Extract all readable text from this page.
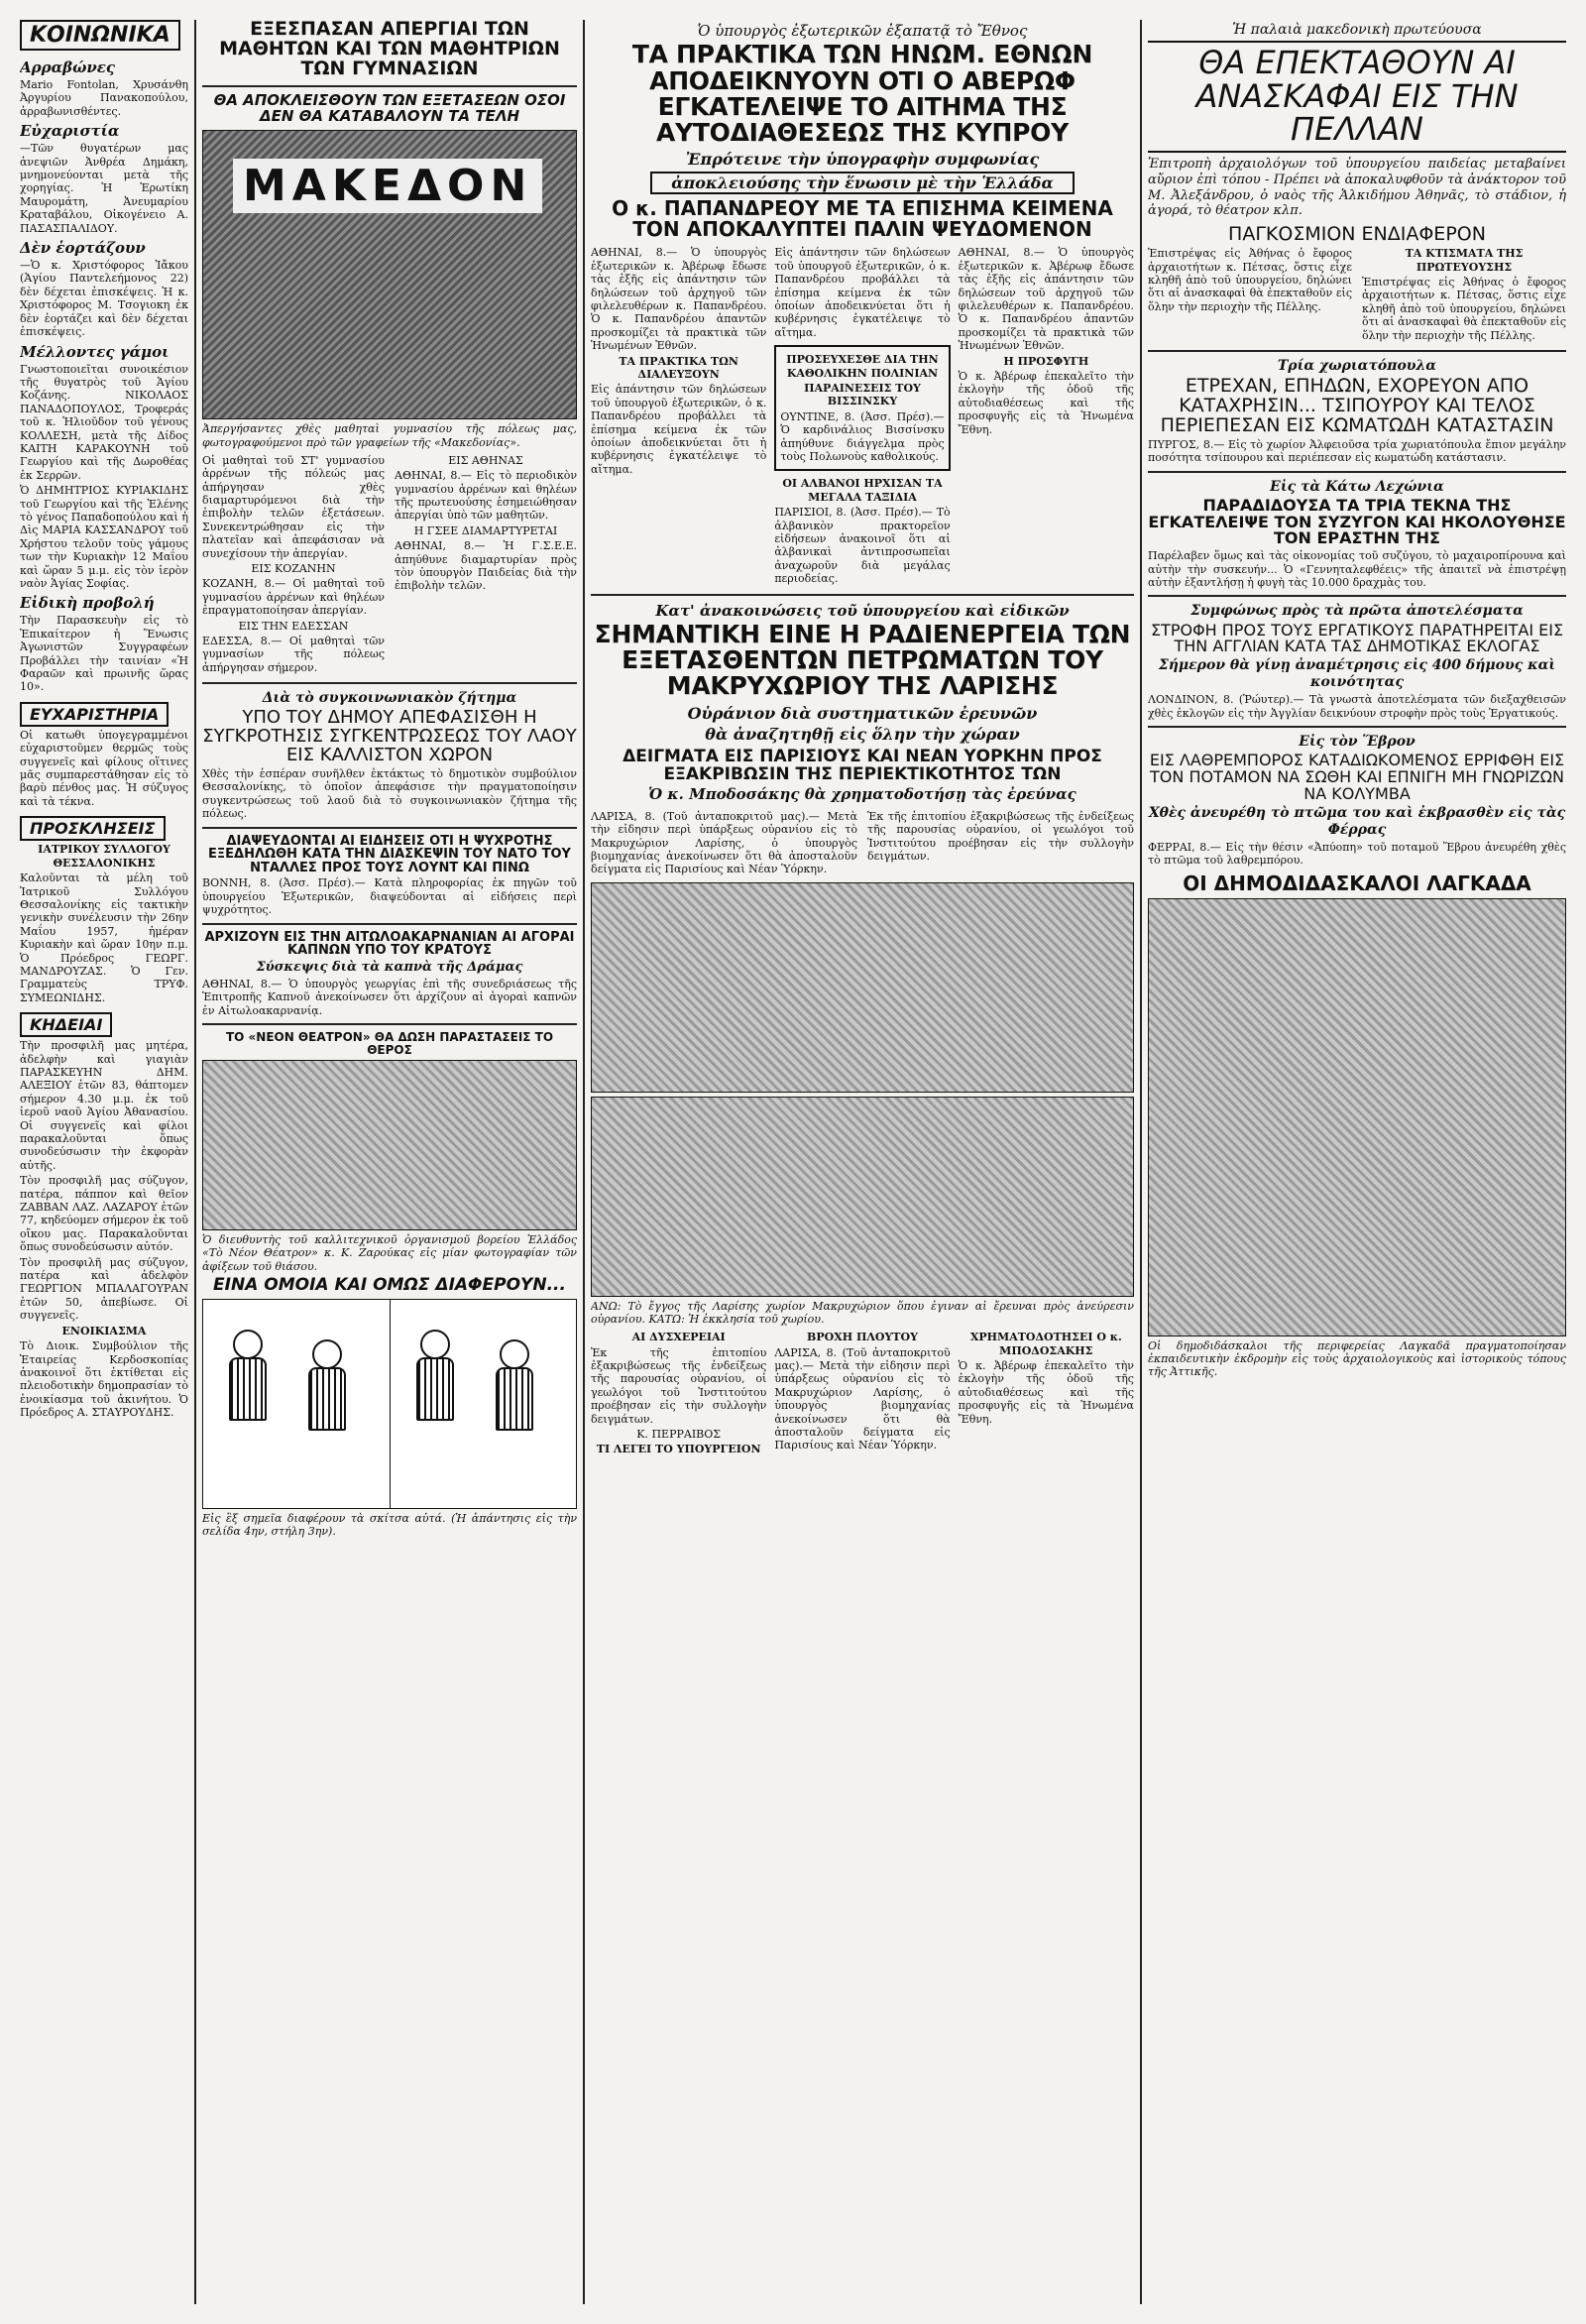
ΚΟΙΝΩΝΙΚΑ
Αρραβώνες
Mario Fontolan, Χρυσάνθη Ἀργυρίου Πανακοπούλου, ἀρραβωνισθέντες.
Εὐχαριστία
—Τῶν θυγατέρων μας ἀνεψιῶν Ἀνθρέα Δημάκη, μνημονεύονται μετὰ τῆς χορηγίας. Ἡ Ἐρωτίκη Μαυρομάτη, Ἀνευμαρίου Κραταβάλου, Οἰκογένειο Α. ΠΑΣΑΣΠΑΛΙΔΟΥ.
Δὲν ἑορτάζουν
—Ὁ κ. Χριστόφορος Ἰἄκου (Ἁγίου Παντελεήμονος 22) δὲν δέχεται ἐπισκέψεις. Ἡ κ. Χριστόφορος Μ. Τσογιοκη ἐκ δὲν ἑορτάζει καὶ δὲν δέχεται ἐπισκέψεις.
Μέλλοντες γάμοι
Γνωστοποιεῖται συνοικέσιον τῆς θυγατρὸς τοῦ Ἁγίου Κοζάνης. ΝΙΚΟΛΑΟΣ ΠΑΝΑΔΟΠΟΥΛΟΣ, Τροφεράς τοῦ κ. Ἡλιοῦδον τοῦ γένους ΚΟΛΛΕΣΗ, μετὰ τῆς Δίδος ΚΑΙΤΗ ΚΑΡΑΚΟΥΝΗ τοῦ Γεωργίου καὶ τῆς Δωροθέας ἐκ Σερρῶν.
Ὁ ΔΗΜΗΤΡΙΟΣ ΚΥΡΙΑΚΙΔΗΣ τοῦ Γεωργίου καὶ τῆς Ἑλένης τὸ γένος Παπαδοπούλου καὶ ἡ Δὶς ΜΑΡΙΑ ΚΑΣΣΑΝΔΡΟΥ τοῦ Χρήστου τελοῦν τοὺς γάμους των τὴν Κυριακὴν 12 Μαΐου καὶ ὥραν 5 μ.μ. εἰς τὸν ἱερὸν ναὸν Ἁγίας Σοφίας.
Εἰδικὴ προβολή
Τὴν Παρασκευὴν εἰς τὸ Ἐπικαίτερον ἡ Ἕνωσις Ἀγωνιστῶν Συγγραφέων Προβάλλει τὴν ταινίαν «Ἡ Φαραῶν καὶ πρωινῆς ὥρας 10».
ΕΥΧΑΡΙΣΤΗΡΙΑ
Οἱ κατωθι ὑπογεγραμμένοι εὐχαριστοῦμεν θερμῶς τοὺς συγγενεῖς καὶ φίλους οἵτινες μᾶς συμπαρεστάθησαν εἰς τὸ βαρὺ πένθος μας. Ἡ σύζυγος καὶ τὰ τέκνα.
ΠΡΟΣΚΛΗΣΕΙΣ
ΙΑΤΡΙΚΟΥ ΣΥΛΛΟΓΟΥ ΘΕΣΣΑΛΟΝΙΚΗΣ
Καλοῦνται τὰ μέλη τοῦ Ἰατρικοῦ Συλλόγου Θεσσαλονίκης εἰς τακτικὴν γενικὴν συνέλευσιν τὴν 26ην Μαΐου 1957, ἡμέραν Κυριακὴν καὶ ὥραν 10ην π.μ. Ὁ Πρόεδρος ΓΕΩΡΓ. ΜΑΝΔΡΟΥΖΑΣ. Ὁ Γεν. Γραμματεὺς ΤΡΥΦ. ΣΥΜΕΩΝΙΔΗΣ.
ΚΗΔΕΙΑΙ
Τὴν προσφιλῆ μας μητέρα, ἀδελφὴν καὶ γιαγιὰν ΠΑΡΑΣΚΕΥΗΝ ΔΗΜ. ΑΛΕΞΙΟΥ ἐτῶν 83, θάπτομεν σήμερον 4.30 μ.μ. ἐκ τοῦ ἱεροῦ ναοῦ Ἁγίου Ἀθανασίου. Οἱ συγγενεῖς καὶ φίλοι παρακαλοῦνται ὅπως συνοδεύσωσιν τὴν ἐκφορὰν αὐτῆς.
Τὸν προσφιλῆ μας σύζυγον, πατέρα, πάππον καὶ θεῖον ΖΑΒΒΑΝ ΛΑΖ. ΛΑΖΑΡΟΥ ἐτῶν 77, κηδεύομεν σήμερον ἐκ τοῦ οἴκου μας. Παρακαλοῦνται ὅπως συνοδεύσωσιν αὐτόν.
Τὸν προσφιλῆ μας σύζυγον, πατέρα καὶ ἀδελφὸν ΓΕΩΡΓΙΟΝ ΜΠΑΛΑΓΟΥΡΑΝ ἐτῶν 50, ἀπεβίωσε. Οἱ συγγενεῖς.
ΕΝΟΙΚΙΑΣΜΑ
Τὸ Διοικ. Συμβούλιον τῆς Ἑταιρείας Κερδοσκοπίας ἀνακοινοῖ ὅτι ἐκτίθεται εἰς πλειοδοτικὴν δημοπρασίαν τὸ ἐνοικίασμα τοῦ ἀκινήτου. Ὁ Πρόεδρος Α. ΣΤΑΥΡΟΥΔΗΣ.
ΕΞΕΣΠΑΣΑΝ ΑΠΕΡΓΙΑΙ ΤΩΝ ΜΑΘΗΤΩΝ ΚΑΙ ΤΩΝ ΜΑΘΗΤΡΙΩΝ ΤΩΝ ΓΥΜΝΑΣΙΩΝ
ΘΑ ΑΠΟΚΛΕΙΣΘΟΥΝ ΤΩΝ ΕΞΕΤΑΣΕΩΝ ΟΣΟΙ ΔΕΝ ΘΑ ΚΑΤΑΒΑΛΟΥΝ ΤΑ ΤΕΛΗ
ΜΑΚΕΔΟΝ
Ἀπεργήσαντες χθὲς μαθηταὶ γυμνασίου τῆς πόλεως μας, φωτογραφούμενοι πρὸ τῶν γραφείων τῆς «Μακεδονίας».
Οἱ μαθηταὶ τοῦ ΣΤ' γυμνασίου ἀρρένων τῆς πόλεώς μας ἀπήργησαν χθὲς διαμαρτυρόμενοι διὰ τὴν ἐπιβολὴν τελῶν ἐξετάσεων. Συνεκεντρώθησαν εἰς τὴν πλατεῖαν καὶ ἀπεφάσισαν νὰ συνεχίσουν τὴν ἀπεργίαν.
ΕΙΣ ΚΟΖΑΝΗΝ
ΚΟΖΑΝΗ, 8.— Οἱ μαθηταὶ τοῦ γυμνασίου ἀρρένων καὶ θηλέων ἐπραγματοποίησαν ἀπεργίαν.
ΕΙΣ ΤΗΝ ΕΔΕΣΣΑΝ
ΕΔΕΣΣΑ, 8.— Οἱ μαθηταὶ τῶν γυμνασίων τῆς πόλεως ἀπήργησαν σήμερον.
ΕΙΣ ΑΘΗΝΑΣ
ΑΘΗΝΑΙ, 8.— Εἰς τὸ περιοδικὸν γυμνασίου ἀρρένων καὶ θηλέων τῆς πρωτευούσης ἐσημειώθησαν ἀπεργίαι ὑπὸ τῶν μαθητῶν.
Η ΓΣΕΕ ΔΙΑΜΑΡΤΥΡΕΤΑΙ
ΑΘΗΝΑΙ, 8.— Ἡ Γ.Σ.Ε.Ε. ἀπηύθυνε διαμαρτυρίαν πρὸς τὸν ὑπουργὸν Παιδείας διὰ τὴν ἐπιβολὴν τελῶν.
Διὰ τὸ συγκοινωνιακὸν ζήτημα
ΥΠΟ ΤΟΥ ΔΗΜΟΥ ΑΠΕΦΑΣΙΣΘΗ Η ΣΥΓΚΡΟΤΗΣΙΣ ΣΥΓΚΕΝΤΡΩΣΕΩΣ ΤΟΥ ΛΑΟΥ ΕΙΣ ΚΑΛΛΙΣΤΟΝ ΧΩΡΟΝ
Χθὲς τὴν ἑσπέραν συνῆλθεν ἐκτάκτως τὸ δημοτικὸν συμβούλιον Θεσσαλονίκης, τὸ ὁποῖον ἀπεφάσισε τὴν πραγματοποίησιν συγκεντρώσεως τοῦ λαοῦ διὰ τὸ συγκοινωνιακὸν ζήτημα τῆς πόλεως.
ΔΙΑΨΕΥΔΟΝΤΑΙ ΑΙ ΕΙΔΗΣΕΙΣ ΟΤΙ Η ΨΥΧΡΟΤΗΣ ΕΞΕΔΗΛΩΘΗ ΚΑΤΑ ΤΗΝ ΔΙΑΣΚΕΨΙΝ ΤΟΥ ΝΑΤΟ ΤΟΥ ΝΤΑΛΛΕΣ ΠΡΟΣ ΤΟΥΣ ΛΟΥΝΤ ΚΑΙ ΠΙΝΩ
ΒΟΝΝΗ, 8. (Ἀσσ. Πρέσ).— Κατὰ πληροφορίας ἐκ πηγῶν τοῦ ὑπουργείου Ἐξωτερικῶν, διαψεύδονται αἱ εἰδήσεις περὶ ψυχρότητος.
ΑΡΧΙΖΟΥΝ ΕΙΣ ΤΗΝ ΑΙΤΩΛΟΑΚΑΡΝΑΝΙΑΝ ΑΙ ΑΓΟΡΑΙ ΚΑΠΝΩΝ ΥΠΟ ΤΟΥ ΚΡΑΤΟΥΣ
Σύσκεψις διὰ τὰ καπνὰ τῆς Δράμας
ΑΘΗΝΑΙ, 8.— Ὁ ὑπουργὸς γεωργίας ἐπὶ τῆς συνεδριάσεως τῆς Ἐπιτροπῆς Καπνοῦ ἀνεκοίνωσεν ὅτι ἀρχίζουν αἱ ἀγοραὶ καπνῶν ἐν Αἰτωλοακαρνανίᾳ.
ΤΟ «ΝΕΟΝ ΘΕΑΤΡΟΝ» ΘΑ ΔΩΣΗ ΠΑΡΑΣΤΑΣΕΙΣ ΤΟ ΘΕΡΟΣ
Ὁ διευθυντὴς τοῦ καλλιτεχνικοῦ ὀργανισμοῦ βορείου Ἑλλάδος «Τὸ Νέον Θέατρον» κ. Κ. Ζαρούκας εἰς μίαν φωτογραφίαν τῶν ἀφίξεων τοῦ θιάσου.
ΕΙΝΑ ΟΜΟΙΑ ΚΑΙ ΟΜΩΣ ΔΙΑΦΕΡΟΥΝ...
Εἰς ἓξ σημεῖα διαφέρουν τὰ σκίτσα αὐτά. (Ἡ ἀπάντησις εἰς τὴν σελίδα 4ην, στήλη 3ην).
Ὁ ὑπουργὸς ἐξωτερικῶν ἐξαπατᾷ τὸ Ἔθνος
ΤΑ ΠΡΑΚΤΙΚΑ ΤΩΝ ΗΝΩΜ. ΕΘΝΩΝ ΑΠΟΔΕΙΚΝΥΟΥΝ ΟΤΙ Ο ΑΒΕΡΩΦ ΕΓΚΑΤΕΛΕΙΨΕ ΤΟ ΑΙΤΗΜΑ ΤΗΣ ΑΥΤΟΔΙΑΘΕΣΕΩΣ ΤΗΣ ΚΥΠΡΟΥ
Ἐπρότεινε τὴν ὑπογραφὴν συμφωνίας
ἀποκλειούσης τὴν ἕνωσιν μὲ τὴν Ἑλλάδα
Ο κ. ΠΑΠΑΝΔΡΕΟΥ ΜΕ ΤΑ ΕΠΙΣΗΜΑ ΚΕΙΜΕΝΑ ΤΟΝ ΑΠΟΚΑΛΥΠΤΕΙ ΠΑΛΙΝ ΨΕΥΔΟΜΕΝΟΝ
ΑΘΗΝΑΙ, 8.— Ὁ ὑπουργὸς ἐξωτερικῶν κ. Ἀβέρωφ ἔδωσε τὰς ἑξῆς εἰς ἀπάντησιν τῶν δηλώσεων τοῦ ἀρχηγοῦ τῶν φιλελευθέρων κ. Παπανδρέου. Ὁ κ. Παπανδρέου ἀπαντῶν προσκομίζει τὰ πρακτικὰ τῶν Ἡνωμένων Ἐθνῶν.
ΤΑ ΠΡΑΚΤΙΚΑ ΤΩΝ ΔΙΑΛΕΥΞΟΥΝ
Εἰς ἀπάντησιν τῶν δηλώσεων τοῦ ὑπουργοῦ ἐξωτερικῶν, ὁ κ. Παπανδρέου προβάλλει τὰ ἐπίσημα κείμενα ἐκ τῶν ὁποίων ἀποδεικνύεται ὅτι ἡ κυβέρνησις ἐγκατέλειψε τὸ αἴτημα.
Εἰς ἀπάντησιν τῶν δηλώσεων τοῦ ὑπουργοῦ ἐξωτερικῶν, ὁ κ. Παπανδρέου προβάλλει τὰ ἐπίσημα κείμενα ἐκ τῶν ὁποίων ἀποδεικνύεται ὅτι ἡ κυβέρνησις ἐγκατέλειψε τὸ αἴτημα.
ΠΡΟΣΕΥΧΕΣΘΕ ΔΙΑ ΤΗΝ ΚΑΘΟΛΙΚΗΝ ΠΟΛΙΝΙΑΝ
ΠΑΡΑΙΝΕΣΕΙΣ ΤΟΥ ΒΙΣΣΙΝΣΚΥ
ΟΥΝΤΙΝΕ, 8. (Ἀσσ. Πρέσ).— Ὁ καρδινάλιος Βισσίνσκυ ἀπηύθυνε διάγγελμα πρὸς τοὺς Πολωνοὺς καθολικούς.
ΟΙ ΑΛΒΑΝΟΙ ΗΡΧΙΣΑΝ ΤΑ ΜΕΓΑΛΑ ΤΑΞΙΔΙΑ
ΠΑΡΙΣΙΟΙ, 8. (Ἀσσ. Πρέσ).— Τὸ ἀλβανικὸν πρακτορεῖον εἰδήσεων ἀνακοινοῖ ὅτι αἱ ἀλβανικαὶ ἀντιπροσωπεῖαι ἀναχωροῦν διὰ μεγάλας περιοδείας.
ΑΘΗΝΑΙ, 8.— Ὁ ὑπουργὸς ἐξωτερικῶν κ. Ἀβέρωφ ἔδωσε τὰς ἑξῆς εἰς ἀπάντησιν τῶν δηλώσεων τοῦ ἀρχηγοῦ τῶν φιλελευθέρων κ. Παπανδρέου. Ὁ κ. Παπανδρέου ἀπαντῶν προσκομίζει τὰ πρακτικὰ τῶν Ἡνωμένων Ἐθνῶν.
Η ΠΡΟΣΦΥΓΗ
Ὁ κ. Ἀβέρωφ ἐπεκαλεῖτο τὴν ἐκλογὴν τῆς ὁδοῦ τῆς αὐτοδιαθέσεως καὶ τῆς προσφυγῆς εἰς τὰ Ἡνωμένα Ἔθνη.
Κατ' ἀνακοινώσεις τοῦ ὑπουργείου καὶ εἰδικῶν
ΣΗΜΑΝΤΙΚΗ ΕΙΝΕ Η ΡΑΔΙΕΝΕΡΓΕΙΑ ΤΩΝ ΕΞΕΤΑΣΘΕΝΤΩΝ ΠΕΤΡΩΜΑΤΩΝ ΤΟΥ ΜΑΚΡΥΧΩΡΙΟΥ ΤΗΣ ΛΑΡΙΣΗΣ
Οὐράνιον διὰ συστηματικῶν ἐρευνῶν
θὰ ἀναζητηθῇ εἰς ὅλην τὴν χώραν
ΔΕΙΓΜΑΤΑ ΕΙΣ ΠΑΡΙΣΙΟΥΣ ΚΑΙ ΝΕΑΝ ΥΟΡΚΗΝ ΠΡΟΣ ΕΞΑΚΡΙΒΩΣΙΝ ΤΗΣ ΠΕΡΙΕΚΤΙΚΟΤΗΤΟΣ ΤΩΝ
Ὁ κ. Μποδοσάκης θὰ χρηματοδοτήσῃ τὰς ἐρεύνας
ΛΑΡΙΣΑ, 8. (Τοῦ ἀνταποκριτοῦ μας).— Μετὰ τὴν εἰδησιν περὶ ὑπάρξεως οὐρανίου εἰς τὸ Μακρυχώριον Λαρίσης, ὁ ὑπουργὸς βιομηχανίας ἀνεκοίνωσεν ὅτι θὰ ἀποσταλοῦν δείγματα εἰς Παρισίους καὶ Νέαν Ὑόρκην.
Ἐκ τῆς ἐπιτοπίου ἐξακριβώσεως τῆς ἐνδείξεως τῆς παρουσίας οὐρανίου, οἱ γεωλόγοι τοῦ Ἰνστιτούτου προέβησαν εἰς τὴν συλλογὴν δειγμάτων.
ΑΝΩ: Τὸ ἔγγος τῆς Λαρίσης χωρίον Μακρυχώριον ὅπου ἐγιναν αἱ ἔρευναι πρὸς ἀνεύρεσιν οὐρανίου. ΚΑΤΩ: Ἡ ἐκκλησία τοῦ χωρίου.
ΑΙ ΔΥΣΧΕΡΕΙΑΙ
Ἐκ τῆς ἐπιτοπίου ἐξακριβώσεως τῆς ἐνδείξεως τῆς παρουσίας οὐρανίου, οἱ γεωλόγοι τοῦ Ἰνστιτούτου προέβησαν εἰς τὴν συλλογὴν δειγμάτων.
Κ. ΠΕΡΡΑΙΒΟΣ
ΤΙ ΛΕΓΕΙ ΤΟ ΥΠΟΥΡΓΕΙΟΝ
ΒΡΟΧΗ ΠΛΟΥΤΟΥ
ΛΑΡΙΣΑ, 8. (Τοῦ ἀνταποκριτοῦ μας).— Μετὰ τὴν εἰδησιν περὶ ὑπάρξεως οὐρανίου εἰς τὸ Μακρυχώριον Λαρίσης, ὁ ὑπουργὸς βιομηχανίας ἀνεκοίνωσεν ὅτι θὰ ἀποσταλοῦν δείγματα εἰς Παρισίους καὶ Νέαν Ὑόρκην.
ΧΡΗΜΑΤΟΔΟΤΗΣΕΙ Ο κ. ΜΠΟΔΟΣΑΚΗΣ
Ὁ κ. Ἀβέρωφ ἐπεκαλεῖτο τὴν ἐκλογὴν τῆς ὁδοῦ τῆς αὐτοδιαθέσεως καὶ τῆς προσφυγῆς εἰς τὰ Ἡνωμένα Ἔθνη.
Ἡ παλαιὰ μακεδονικὴ πρωτεύουσα
ΘΑ ΕΠΕΚΤΑΘΟΥΝ ΑΙ ΑΝΑΣΚΑΦΑΙ ΕΙΣ ΤΗΝ ΠΕΛΛΑΝ
Ἐπιτροπὴ ἀρχαιολόγων τοῦ ὑπουργείου παιδείας μεταβαίνει αὔριον ἐπὶ τόπου - Πρέπει νὰ ἀποκαλυφθοῦν τὰ ἀνάκτορον τοῦ Μ. Ἀλεξάνδρου, ὁ ναὸς τῆς Ἀλκιδήμου Ἀθηνᾶς, τὸ στάδιον, ἡ ἀγορά, τὸ θέατρον κλπ.
ΠΑΓΚΟΣΜΙΟΝ ΕΝΔΙΑΦΕΡΟΝ
Ἐπιστρέψας εἰς Ἀθήνας ὁ ἔφορος ἀρχαιοτήτων κ. Πέτσας, ὅστις εἶχε κληθῆ ἀπὸ τοῦ ὑπουργείου, δηλώνει ὅτι αἱ ἀνασκαφαὶ θὰ ἐπεκταθοῦν εἰς ὅλην τὴν περιοχὴν τῆς Πέλλης.
ΤΑ ΚΤΙΣΜΑΤΑ ΤΗΣ ΠΡΩΤΕΥΟΥΣΗΣ
Ἐπιστρέψας εἰς Ἀθήνας ὁ ἔφορος ἀρχαιοτήτων κ. Πέτσας, ὅστις εἶχε κληθῆ ἀπὸ τοῦ ὑπουργείου, δηλώνει ὅτι αἱ ἀνασκαφαὶ θὰ ἐπεκταθοῦν εἰς ὅλην τὴν περιοχὴν τῆς Πέλλης.
Τρία χωριατόπουλα
ΕΤΡΕΧΑΝ, ΕΠΗΔΩΝ, ΕΧΟΡΕΥΟΝ ΑΠΟ ΚΑΤΑΧΡΗΣΙΝ... ΤΣΙΠΟΥΡΟΥ ΚΑΙ ΤΕΛΟΣ ΠΕΡΙΕΠΕΣΑΝ ΕΙΣ ΚΩΜΑΤΩΔΗ ΚΑΤΑΣΤΑΣΙΝ
ΠΥΡΓΟΣ, 8.— Εἰς τὸ χωρίον Ἀλφειοῦσα τρία χωριατόπουλα ἔπιον μεγάλην ποσότητα τσίπουρου καὶ περιέπεσαν εἰς κωματώδη κατάστασιν.
Εἰς τὰ Κάτω Λεχώνια
ΠΑΡΑΔΙΔΟΥΣΑ ΤΑ ΤΡΙΑ ΤΕΚΝΑ ΤΗΣ ΕΓΚΑΤΕΛΕΙΨΕ ΤΟΝ ΣΥΖΥΓΟΝ ΚΑΙ ΗΚΟΛΟΥΘΗΣΕ ΤΟΝ ΕΡΑΣΤΗΝ ΤΗΣ
Παρέλαβεν ὅμως καὶ τὰς οἰκονομίας τοῦ συζύγου, τὸ μαχαιροπίρουνα καὶ αὐτὴν τὴν συσκευήν... Ὁ «Γεννηταλεφθέεις» τῆς ἀπαιτεῖ νὰ ἐπιστρέψῃ αὐτὴν ἐξαντλήσῃ ἡ φυγὴ τὰς 10.000 δραχμὰς του.
Συμφώνως πρὸς τὰ πρῶτα ἀποτελέσματα
ΣΤΡΟΦΗ ΠΡΟΣ ΤΟΥΣ ΕΡΓΑΤΙΚΟΥΣ ΠΑΡΑΤΗΡΕΙΤΑΙ ΕΙΣ ΤΗΝ ΑΓΓΛΙΑΝ ΚΑΤΑ ΤΑΣ ΔΗΜΟΤΙΚΑΣ ΕΚΛΟΓΑΣ
Σήμερον θὰ γίνῃ ἀναμέτρησις εἰς 400 δήμους καὶ κοινότητας
ΛΟΝΔΙΝΟΝ, 8. (Ῥώυτερ).— Τὰ γνωστὰ ἀποτελέσματα τῶν διεξαχθεισῶν χθὲς ἐκλογῶν εἰς τὴν Ἀγγλίαν δεικνύουν στροφὴν πρὸς τοὺς Ἐργατικούς.
Εἰς τὸν Ἕβρον
ΕΙΣ ΛΑΘΡΕΜΠΟΡΟΣ ΚΑΤΑΔΙΩΚΟΜΕΝΟΣ ΕΡΡΙΦΘΗ ΕΙΣ ΤΟΝ ΠΟΤΑΜΟΝ ΝΑ ΣΩΘΗ ΚΑΙ ΕΠΝΙΓΗ ΜΗ ΓΝΩΡΙΖΩΝ ΝΑ ΚΟΛΥΜΒΑ
Χθὲς ἀνευρέθη τὸ πτῶμα του καὶ ἐκβρασθὲν εἰς τὰς Φέρρας
ΦΕΡΡΑΙ, 8.— Εἰς τὴν θέσιν «Ἀπύοπη» τοῦ ποταμοῦ Ἕβρου ἀνευρέθη χθὲς τὸ πτῶμα τοῦ λαθρεμπόρου.
ΟΙ ΔΗΜΟΔΙΔΑΣΚΑΛΟΙ ΛΑΓΚΑΔΑ
Οἱ δημοδιδάσκαλοι τῆς περιφερείας Λαγκαδᾶ πραγματοποίησαν ἐκπαιδευτικὴν ἐκδρομὴν εἰς τοὺς ἀρχαιολογικοὺς καὶ ἱστορικοὺς τόπους τῆς Ἀττικῆς.
